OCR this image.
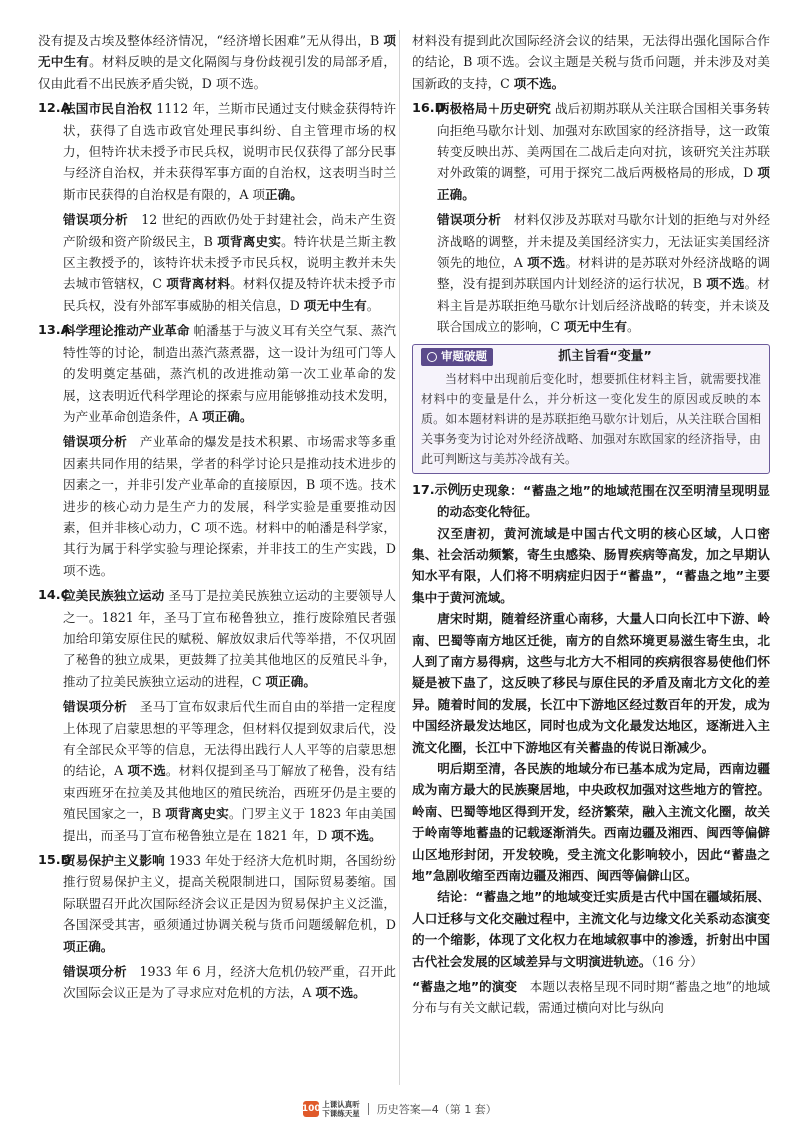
没有提及古埃及整体经济情况，“经济增长困难”无从得出，B 项无中生有。材料反映的是文化隔阂与身份歧视引发的局部矛盾，仅由此看不出民族矛盾尖锐，D 项不选。

12.A
法国市民自治权 1112 年，兰斯市民通过支付赎金获得特许状，获得了自选市政官处理民事纠纷、自主管理市场的权力，但特许状未授予市民兵权，说明市民仅获得了部分民事与经济自治权，并未获得军事方面的自治权，这表明当时兰斯市民获得的自治权是有限的，A 项正确。

错误项分析　 12 世纪的西欧仍处于封建社会，尚未产生资产阶级和资产阶级民主，B 项背离史实。特许状是兰斯主教区主教授予的，该特许状未授予市民兵权，说明主教并未失去城市管辖权，C 项背离材料。材料仅提及特许状未授予市民兵权，没有外部军事威胁的相关信息，D 项无中生有。

13.A
科学理论推动产业革命 帕潘基于与波义耳有关空气泵、蒸汽特性等的讨论，制造出蒸汽蒸煮器，这一设计为纽可门等人的发明奠定基础，蒸汽机的改进推动第一次工业革命的发展，这表明近代科学理论的探索与应用能够推动技术发明，为产业革命创造条件，A 项正确。

错误项分析　 产业革命的爆发是技术积累、市场需求等多重因素共同作用的结果，学者的科学讨论只是推动技术进步的因素之一，并非引发产业革命的直接原因，B 项不选。技术进步的核心动力是生产力的发展，科学实验是重要推动因素，但并非核心动力，C 项不选。材料中的帕潘是科学家，其行为属于科学实验与理论探索，并非技工的生产实践，D 项不选。

14.C
拉美民族独立运动 圣马丁是拉美民族独立运动的主要领导人之一。1821 年，圣马丁宣布秘鲁独立，推行废除殖民者强加给印第安原住民的赋税、解放奴隶后代等举措，不仅巩固了秘鲁的独立成果，更鼓舞了拉美其他地区的反殖民斗争，推动了拉美民族独立运动的进程，C 项正确。

错误项分析　 圣马丁宣布奴隶后代生而自由的举措一定程度上体现了启蒙思想的平等理念，但材料仅提到奴隶后代，没有全部民众平等的信息，无法得出践行人人平等的启蒙思想的结论，A 项不选。材料仅提到圣马丁解放了秘鲁，没有结束西班牙在拉美及其他地区的殖民统治，西班牙仍是主要的殖民国家之一，B 项背离史实。门罗主义于 1823 年由美国提出，而圣马丁宣布秘鲁独立是在 1821 年，D 项不选。

15.D
贸易保护主义影响 1933 年处于经济大危机时期，各国纷纷推行贸易保护主义，提高关税限制进口，国际贸易萎缩。国际联盟召开此次国际经济会议正是因为贸易保护主义泛滥，各国深受其害，亟须通过协调关税与货币问题缓解危机，D 项正确。

错误项分析　 1933 年 6 月，经济大危机仍较严重，召开此次国际会议正是为了寻求应对危机的方法，A 项不选。

材料没有提到此次国际经济会议的结果，无法得出强化国际合作的结论，B 项不选。会议主题是关税与货币问题，并未涉及对美国新政的支持，C 项不选。

16.D
两极格局＋历史研究 战后初期苏联从关注联合国相关事务转向拒绝马歇尔计划、加强对东欧国家的经济指导，这一政策转变反映出苏、美两国在二战后走向对抗，该研究关注苏联对外政策的调整，可用于探究二战后两极格局的形成，D 项正确。

错误项分析　 材料仅涉及苏联对马歇尔计划的拒绝与对外经济战略的调整，并未提及美国经济实力，无法证实美国经济领先的地位，A 项不选。材料讲的是苏联对外经济战略的调整，没有提到苏联国内计划经济的运行状况，B 项不选。材料主旨是苏联拒绝马歇尔计划后经济战略的转变，并未谈及联合国成立的影响，C 项无中生有。

审题破题	抓主旨看“变量”

当材料中出现前后变化时，想要抓住材料主旨，就需要找准材料中的变量是什么，并分析这一变化发生的原因或反映的本质。如本题材料讲的是苏联拒绝马歇尔计划后，从关注联合国相关事务变为讨论对外经济战略、加强对东欧国家的经济指导，由此可判断这与美苏冷战有关。

17.示例
历史现象：“蓄蛊之地”的地域范围在汉至明清呈现明显的动态变化特征。

汉至唐初，黄河流域是中国古代文明的核心区域，人口密集、社会活动频繁，寄生虫感染、肠胃疾病等高发，加之早期认知水平有限，人们将不明病症归因于“蓄蛊”，“蓄蛊之地”主要集中于黄河流域。

唐宋时期，随着经济重心南移，大量人口向长江中下游、岭南、巴蜀等南方地区迁徙，南方的自然环境更易滋生寄生虫，北人到了南方易得病，这些与北方大不相同的疾病很容易使他们怀疑是被下蛊了，这反映了移民与原住民的矛盾及南北方文化的差异。随着时间的发展，长江中下游地区经过数百年的开发，成为中国经济最发达地区，同时也成为文化最发达地区，逐渐进入主流文化圈，长江中下游地区有关蓄蛊的传说日渐减少。

明后期至清，各民族的地域分布已基本成为定局，西南边疆成为南方最大的民族聚居地，中央政权加强对这些地方的管控。岭南、巴蜀等地区得到开发，经济繁荣，融入主流文化圈，故关于岭南等地蓄蛊的记载逐渐消失。西南边疆及湘西、闽西等偏僻山区地形封闭，开发较晚，受主流文化影响较小，因此“蓄蛊之地”急剧收缩至西南边疆及湘西、闽西等偏僻山区。

结论：“蓄蛊之地”的地域变迁实质是古代中国在疆域拓展、人口迁移与文化交融过程中，主流文化与边缘文化关系动态演变的一个缩影，体现了文化权力在地域叙事中的渗透，折射出中国古代社会发展的区域差异与文明演进轨迹。（16 分）

“蓄蛊之地”的演变　 本题以表格呈现不同时期“蓄蛊之地”的地域分布与有关文献记载，需通过横向对比与纵向

100 上课认真听
下课练天星 历史答案—4（第 1 套）
